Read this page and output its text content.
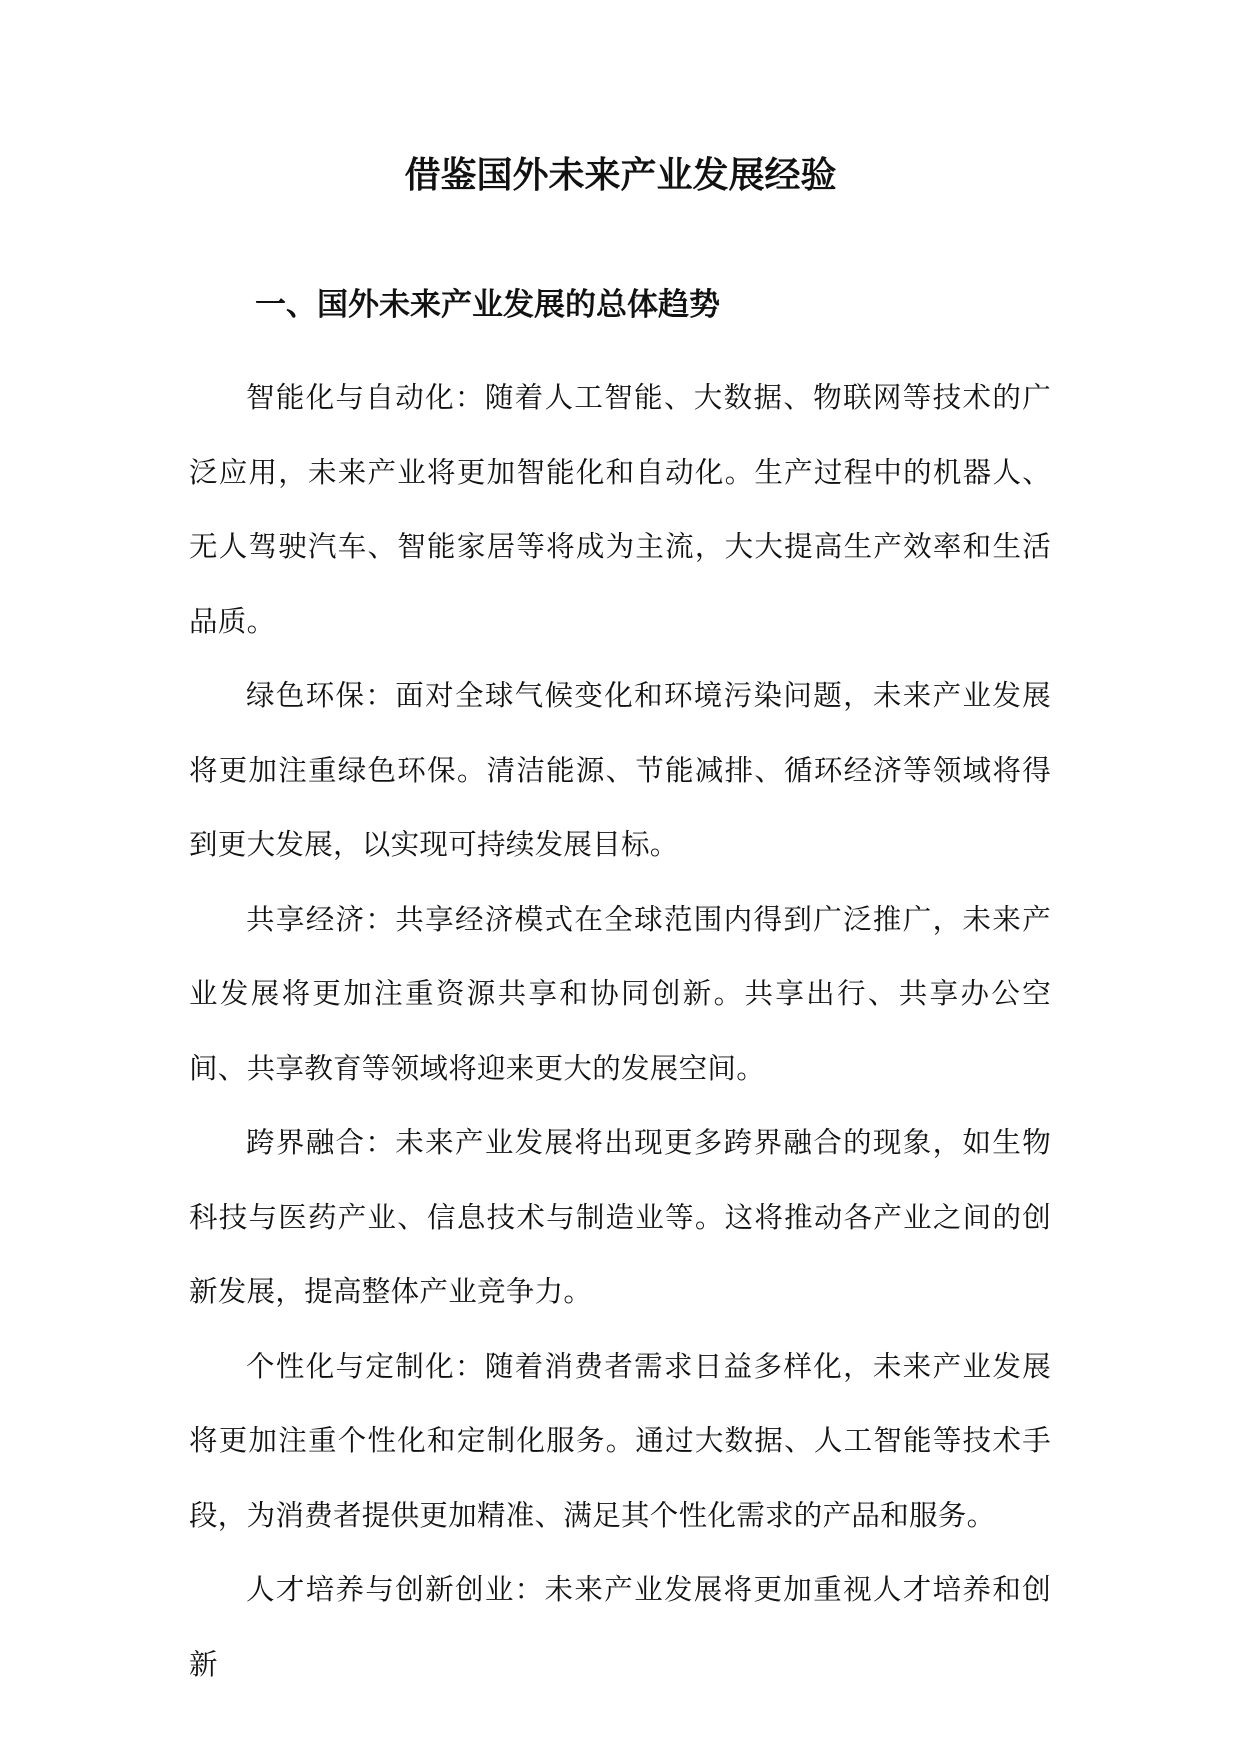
借鉴国外未来产业发展经验
一、国外未来产业发展的总体趋势

智能化与自动化：随着人工智能、大数据、物联网等技术的广泛应用，未来产业将更加智能化和自动化。生产过程中的机器人、无人驾驶汽车、智能家居等将成为主流，大大提高生产效率和生活品质。

绿色环保：面对全球气候变化和环境污染问题，未来产业发展将更加注重绿色环保。清洁能源、节能减排、循环经济等领域将得到更大发展，以实现可持续发展目标。

共享经济：共享经济模式在全球范围内得到广泛推广，未来产业发展将更加注重资源共享和协同创新。共享出行、共享办公空间、共享教育等领域将迎来更大的发展空间。

跨界融合：未来产业发展将出现更多跨界融合的现象，如生物科技与医药产业、信息技术与制造业等。这将推动各产业之间的创新发展，提高整体产业竞争力。

个性化与定制化：随着消费者需求日益多样化，未来产业发展将更加注重个性化和定制化服务。通过大数据、人工智能等技术手段，为消费者提供更加精准、满足其个性化需求的产品和服务。

人才培养与创新创业：未来产业发展将更加重视人才培养和创新
